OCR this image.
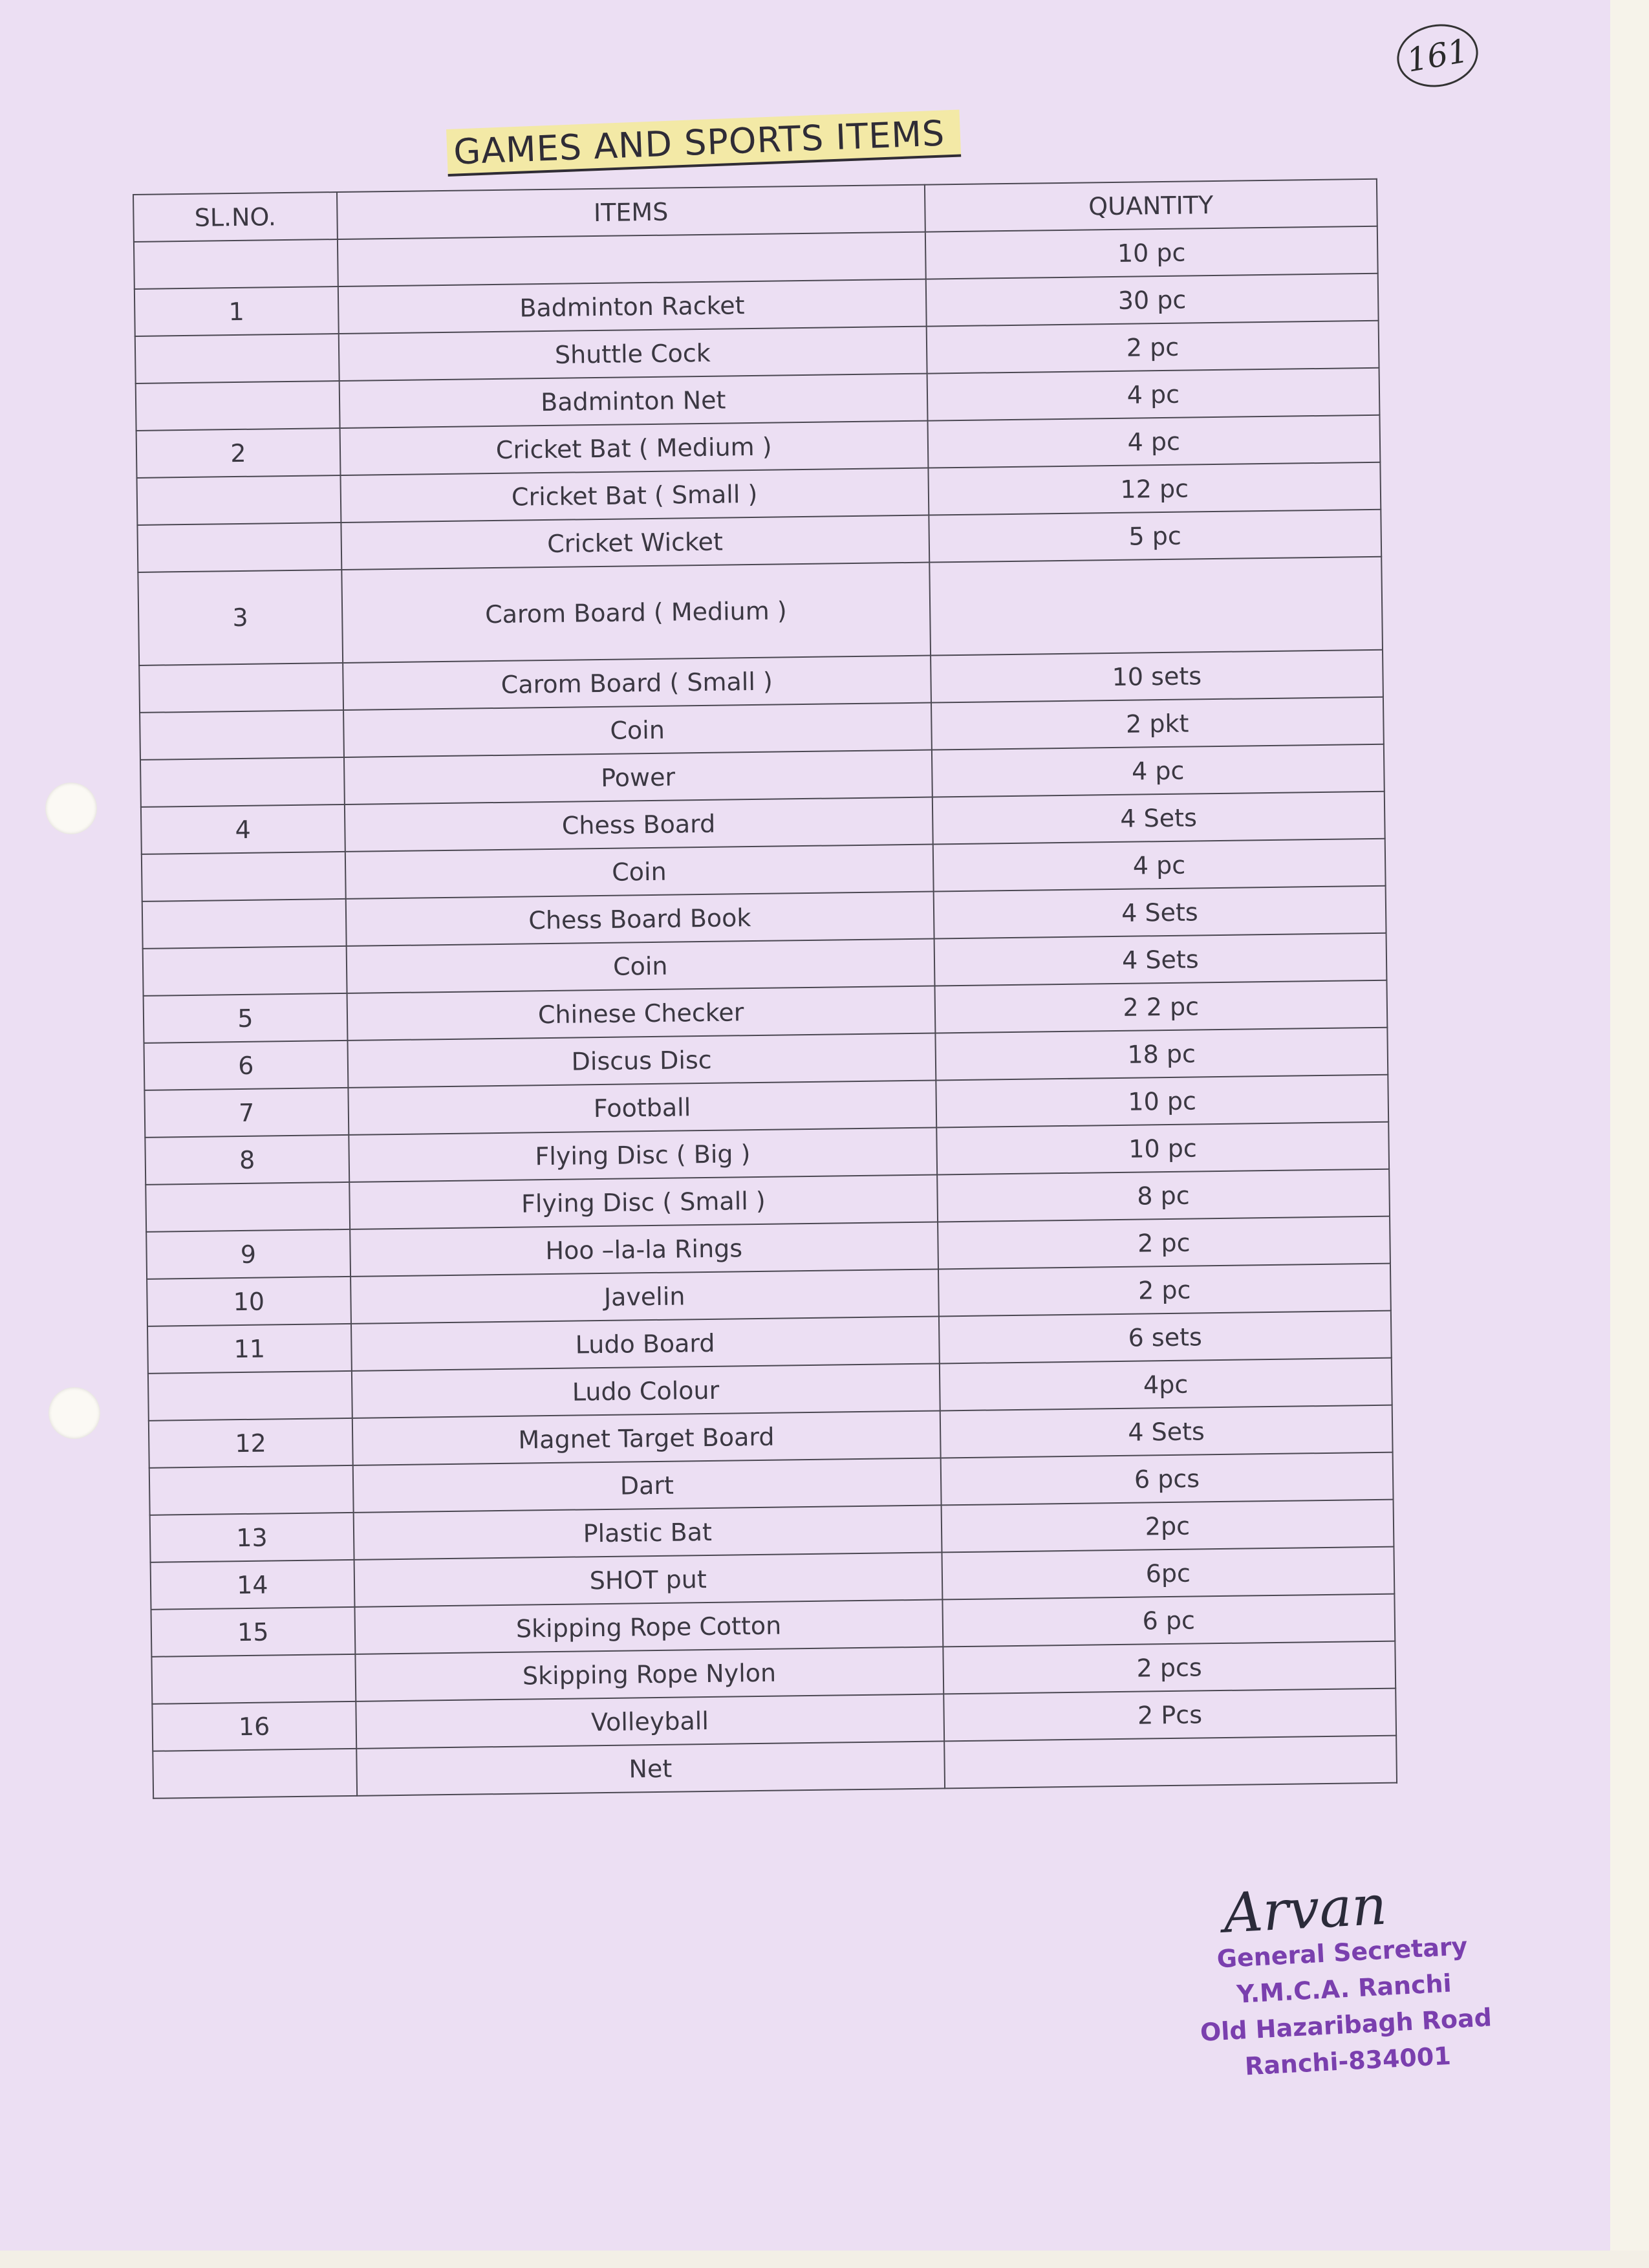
161
GAMES AND SPORTS ITEMS
SL.NO.	ITEMS	QUANTITY
		10 pc
1	Badminton Racket	30 pc
	Shuttle Cock	2 pc
	Badminton Net	4 pc
2	Cricket Bat ( Medium )	4 pc
	Cricket Bat ( Small )	12 pc
	Cricket Wicket	5 pc
3	Carom Board ( Medium )	
	Carom Board ( Small )	10 sets
	Coin	2 pkt
	Power	4 pc
4	Chess Board	4 Sets
	Coin	4 pc
	Chess Board Book	4 Sets
	Coin	4 Sets
5	Chinese Checker	2 2 pc
6	Discus Disc	18 pc
7	Football	10 pc
8	Flying Disc ( Big )	10 pc
	Flying Disc ( Small )	8 pc
9	Hoo –la-la Rings	2 pc
10	Javelin	2 pc
11	Ludo Board	6 sets
	Ludo Colour	4pc
12	Magnet Target Board	4 Sets
	Dart	6 pcs
13	Plastic Bat	2pc
14	SHOT put	6pc
15	Skipping Rope Cotton	6 pc
	Skipping Rope Nylon	2 pcs
16	Volleyball	2 Pcs
	Net	
Arvan
General Secretary
Y.M.C.A. Ranchi
Old Hazaribagh Road
Ranchi-834001
